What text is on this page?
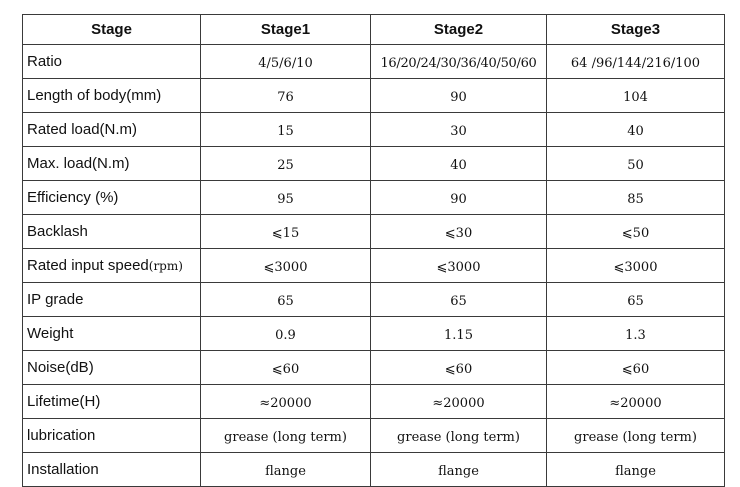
Stage	Stage1	Stage2	Stage3
Ratio	4/5/6/10	16/20/24/30/36/40/50/60	64 /96/144/216/100
Length of body(mm)	76	90	104
Rated load(N.m)	15	30	40
Max. load(N.m)	25	40	50
Efficiency (%)	95	90	85
Backlash	⩽15	⩽30	⩽50
Rated input speed(rpm)	⩽3000	⩽3000	⩽3000
IP grade	65	65	65
Weight	0.9	1.15	1.3
Noise(dB)	⩽60	⩽60	⩽60
Lifetime(H)	≈20000	≈20000	≈20000
lubrication	grease (long term)	grease (long term)	grease (long term)
Installation	flange	flange	flange
